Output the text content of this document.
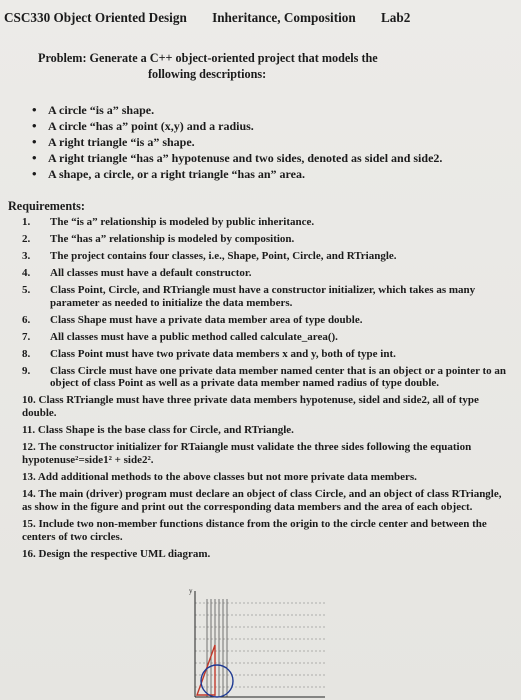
CSC330 Object Oriented Design Inheritance, Composition Lab2
Problem: Generate a C++ object-oriented project that models the
following descriptions:
• A circle “is a” shape.
• A circle “has a” point (x,y) and a radius.
• A right triangle “is a” shape.
• A right triangle “has a” hypotenuse and two sides, denoted as sidel and side2.
• A shape, a circle, or a right triangle “has an” area.
Requirements:
1. The “is a” relationship is modeled by public inheritance.
2. The “has a” relationship is modeled by composition.
3. The project contains four classes, i.e., Shape, Point, Circle, and RTriangle.
4. All classes must have a default constructor.
5. Class Point, Circle, and RTriangle must have a constructor initializer, which takes as many parameter as needed to initialize the data members.
6. Class Shape must have a private data member area of type double.
7. All classes must have a public method called calculate_area().
8. Class Point must have two private data members x and y, both of type int.
9. Class Circle must have one private data member named center that is an object or a pointer to an object of class Point as well as a private data member named radius of type double.
10. Class RTriangle must have three private data members hypotenuse, sidel and side2, all of type double.
11. Class Shape is the base class for Circle, and RTriangle.
12. The constructor initializer for RTaiangle must validate the three sides following the equation hypotenuse²=side1² + side2².
13. Add additional methods to the above classes but not more private data members.
14. The main (driver) program must declare an object of class Circle, and an object of class RTriangle, as show in the figure and print out the corresponding data members and the area of each object.
15. Include two non-member functions distance from the origin to the circle center and between the centers of two circles.
16. Design the respective UML diagram.
y
